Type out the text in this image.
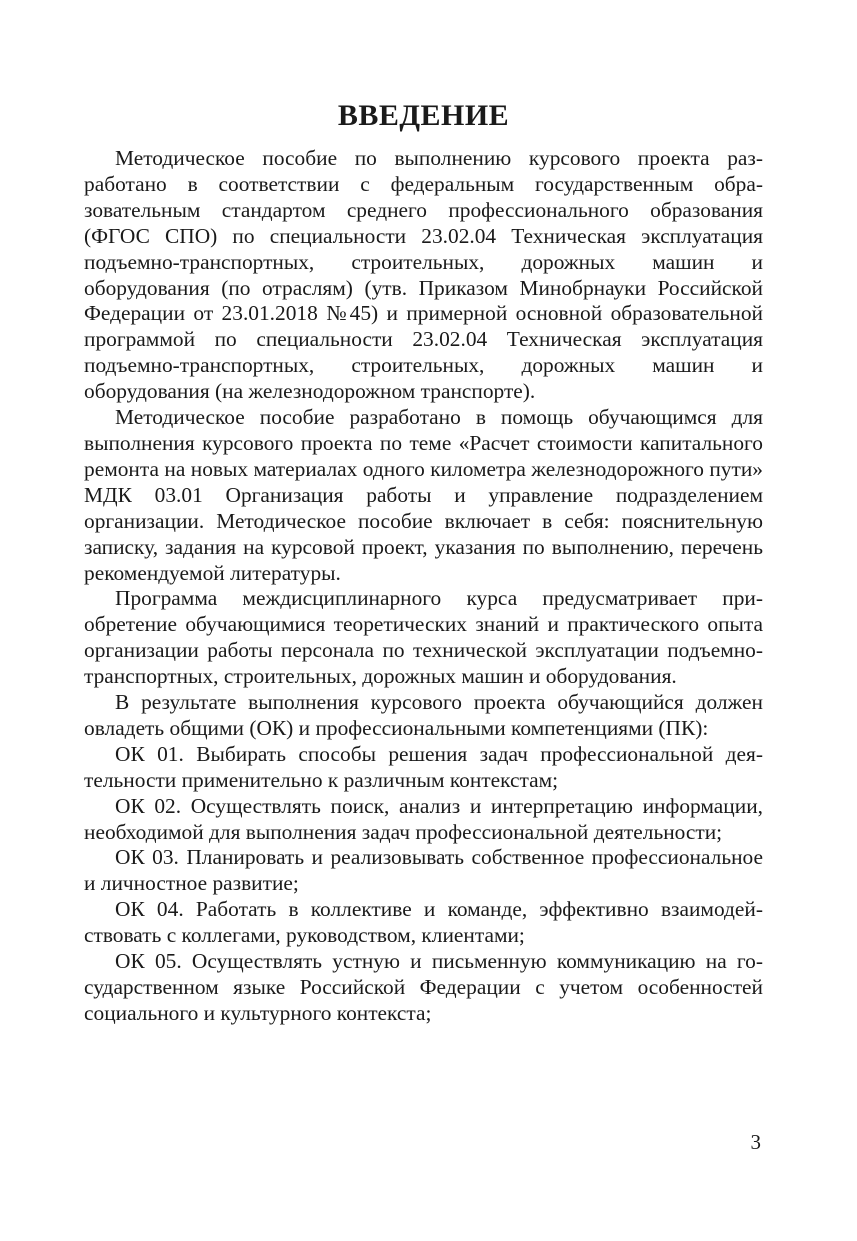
ВВЕДЕНИЕ

Методическое пособие по выполнению курсового проекта разработано в соответствии с федеральным государственным образовательным стандартом среднего профессионального образования (ФГОС СПО) по специальности 23.02.04 Техническая эксплуатация подъемно-транспортных, строительных, дорожных машин и оборудования (по отраслям) (утв. Приказом Минобрнауки Российской Федерации от 23.01.2018 №45) и примерной основной образовательной программой по специальности 23.02.04 Техническая эксплуатация подъемно-транспортных, строительных, дорожных машин и оборудования (на железнодорожном транспорте).

Методическое пособие разработано в помощь обучающимся для выполнения курсового проекта по теме «Расчет стоимости капитального ремонта на новых материалах одного километра железнодорожного пути» МДК 03.01 Организация работы и управление подразделением организации. Методическое пособие включает в себя: пояснительную записку, задания на курсовой проект, указания по выполнению, перечень рекомендуемой литературы.

Программа междисциплинарного курса предусматривает приобретение обучающимися теоретических знаний и практического опыта организации работы персонала по технической эксплуатации подъемно-транспортных, строительных, дорожных машин и оборудования.

В результате выполнения курсового проекта обучающийся должен овладеть общими (ОК) и профессиональными компетенциями (ПК):

ОК 01. Выбирать способы решения задач профессиональной деятельности применительно к различным контекстам;

ОК 02. Осуществлять поиск, анализ и интерпретацию информации, необходимой для выполнения задач профессиональной деятельности;

ОК 03. Планировать и реализовывать собственное профессиональное и личностное развитие;

ОК 04. Работать в коллективе и команде, эффективно взаимодействовать с коллегами, руководством, клиентами;

ОК 05. Осуществлять устную и письменную коммуникацию на государственном языке Российской Федерации с учетом особенностей социального и культурного контекста;

3
